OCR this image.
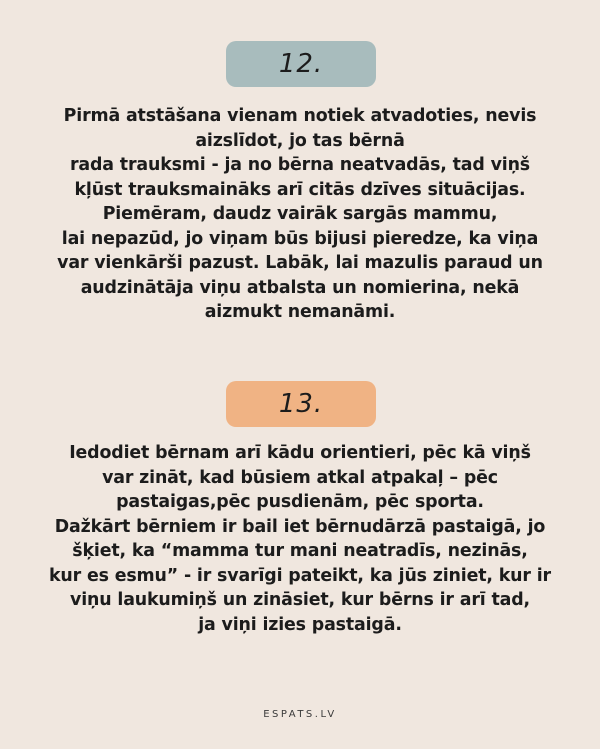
12.
Pirmā atstāšana vienam notiek atvadoties, nevis
aizslīdot, jo tas bērnā
rada trauksmi - ja no bērna neatvadās, tad viņš
kļūst trauksmaināks arī citās dzīves situācijas.
Piemēram, daudz vairāk sargās mammu,
lai nepazūd, jo viņam būs bijusi pieredze, ka viņa
var vienkārši pazust. Labāk, lai mazulis paraud un
audzinātāja viņu atbalsta un nomierina, nekā
aizmukt nemanāmi.
13.
Iedodiet bērnam arī kādu orientieri, pēc kā viņš
var zināt, kad būsiem atkal atpakaļ – pēc
pastaigas,pēc pusdienām, pēc sporta.
Dažkārt bērniem ir bail iet bērnudārzā pastaigā, jo
šķiet, ka “mamma tur mani neatradīs, nezinās,
kur es esmu” - ir svarīgi pateikt, ka jūs ziniet, kur ir
viņu laukumiņš un zināsiet, kur bērns ir arī tad,
ja viņi izies pastaigā.
ESPATS.LV
